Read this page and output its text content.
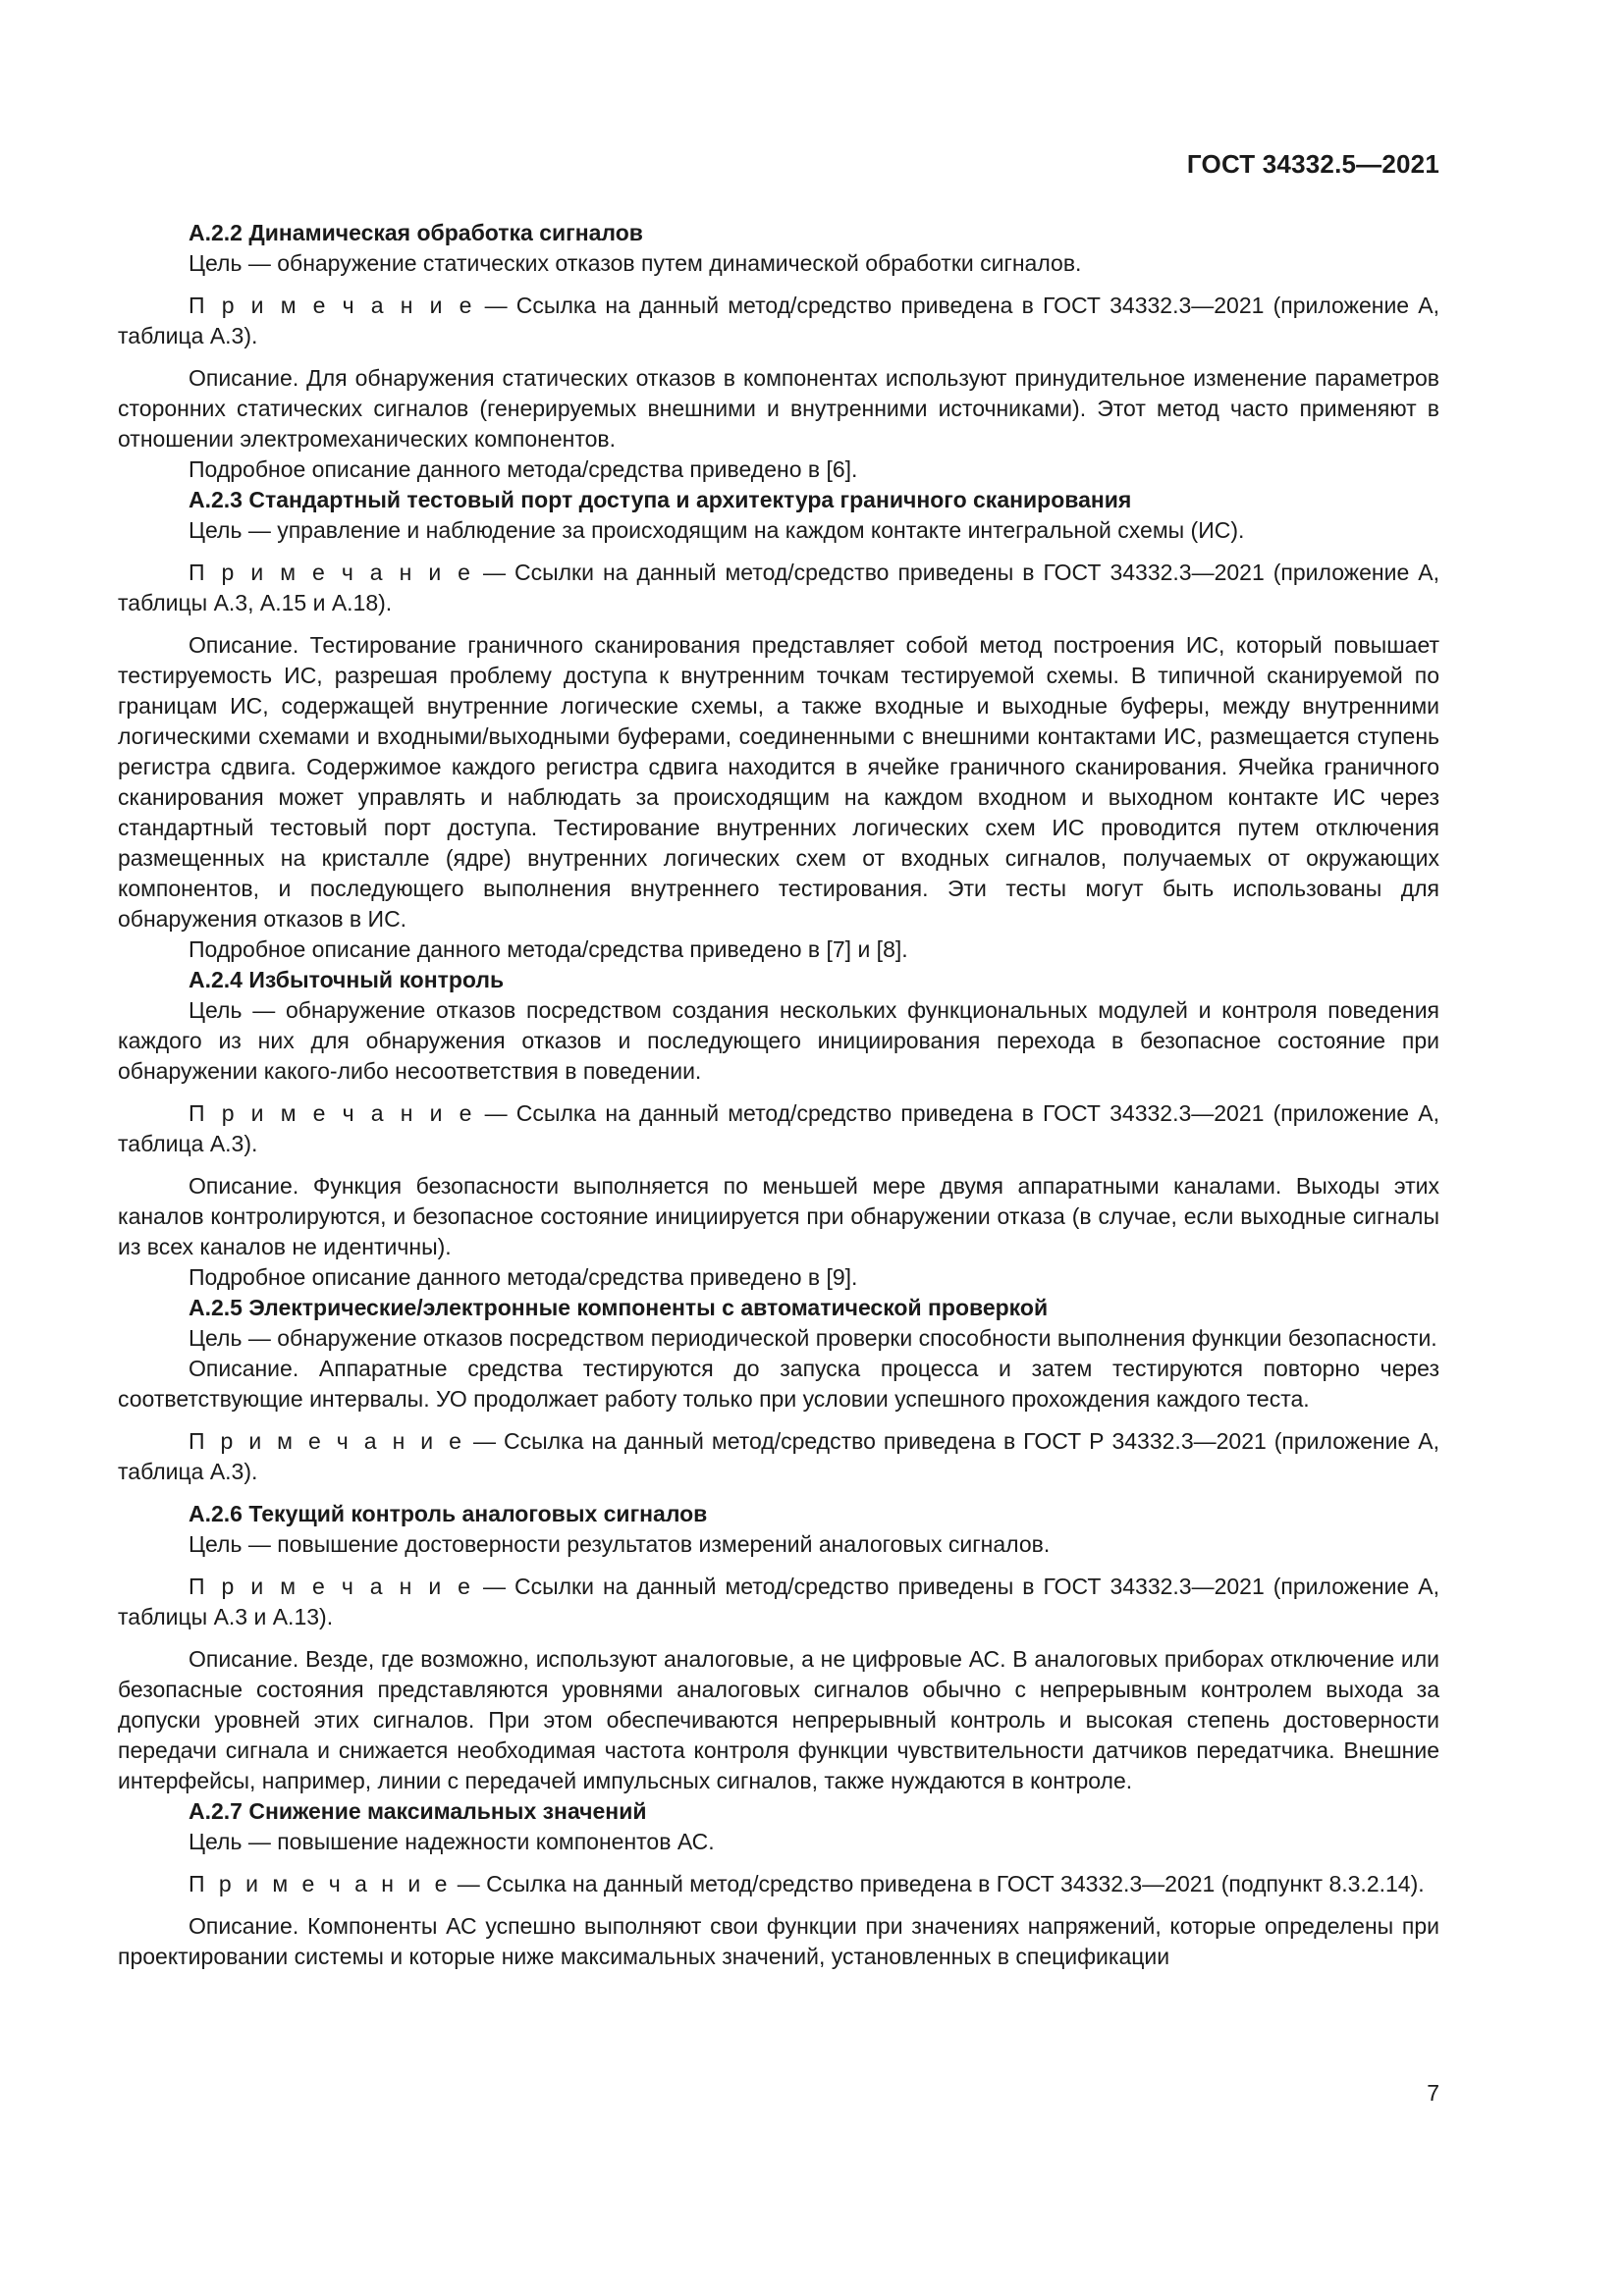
ГОСТ 34332.5—2021

А.2.2 Динамическая обработка сигналов

Цель — обнаружение статических отказов путем динамической обработки сигналов.

П р и м е ч а н и е — Ссылка на данный метод/средство приведена в ГОСТ 34332.3—2021 (приложение А, таблица А.3).

Описание. Для обнаружения статических отказов в компонентах используют принудительное изменение параметров сторонних статических сигналов (генерируемых внешними и внутренними источниками). Этот метод часто применяют в отношении электромеханических компонентов.

Подробное описание данного метода/средства приведено в [6].

А.2.3 Стандартный тестовый порт доступа и архитектура граничного сканирования

Цель — управление и наблюдение за происходящим на каждом контакте интегральной схемы (ИС).

П р и м е ч а н и е — Ссылки на данный метод/средство приведены в ГОСТ 34332.3—2021 (приложение А, таблицы А.3, А.15 и А.18).

Описание. Тестирование граничного сканирования представляет собой метод построения ИС, который повышает тестируемость ИС, разрешая проблему доступа к внутренним точкам тестируемой схемы. В типичной сканируемой по границам ИС, содержащей внутренние логические схемы, а также входные и выходные буферы, между внутренними логическими схемами и входными/выходными буферами, соединенными с внешними контактами ИС, размещается ступень регистра сдвига. Содержимое каждого регистра сдвига находится в ячейке граничного сканирования. Ячейка граничного сканирования может управлять и наблюдать за происходящим на каждом входном и выходном контакте ИС через стандартный тестовый порт доступа. Тестирование внутренних логических схем ИС проводится путем отключения размещенных на кристалле (ядре) внутренних логических схем от входных сигналов, получаемых от окружающих компонентов, и последующего выполнения внутреннего тестирования. Эти тесты могут быть использованы для обнаружения отказов в ИС.

Подробное описание данного метода/средства приведено в [7] и [8].

А.2.4 Избыточный контроль

Цель — обнаружение отказов посредством создания нескольких функциональных модулей и контроля поведения каждого из них для обнаружения отказов и последующего инициирования перехода в безопасное состояние при обнаружении какого-либо несоответствия в поведении.

П р и м е ч а н и е — Ссылка на данный метод/средство приведена в ГОСТ 34332.3—2021 (приложение А, таблица А.3).

Описание. Функция безопасности выполняется по меньшей мере двумя аппаратными каналами. Выходы этих каналов контролируются, и безопасное состояние инициируется при обнаружении отказа (в случае, если выходные сигналы из всех каналов не идентичны).

Подробное описание данного метода/средства приведено в [9].

А.2.5 Электрические/электронные компоненты с автоматической проверкой

Цель — обнаружение отказов посредством периодической проверки способности выполнения функции безопасности.

Описание. Аппаратные средства тестируются до запуска процесса и затем тестируются повторно через соответствующие интервалы. УО продолжает работу только при условии успешного прохождения каждого теста.

П р и м е ч а н и е — Ссылка на данный метод/средство приведена в ГОСТ Р 34332.3—2021 (приложение А, таблица А.3).

А.2.6 Текущий контроль аналоговых сигналов

Цель — повышение достоверности результатов измерений аналоговых сигналов.

П р и м е ч а н и е — Ссылки на данный метод/средство приведены в ГОСТ 34332.3—2021 (приложение А, таблицы А.3 и А.13).

Описание. Везде, где возможно, используют аналоговые, а не цифровые АС. В аналоговых приборах отключение или безопасные состояния представляются уровнями аналоговых сигналов обычно с непрерывным контролем выхода за допуски уровней этих сигналов. При этом обеспечиваются непрерывный контроль и высокая степень достоверности передачи сигнала и снижается необходимая частота контроля функции чувствительности датчиков передатчика. Внешние интерфейсы, например, линии с передачей импульсных сигналов, также нуждаются в контроле.

А.2.7 Снижение максимальных значений

Цель — повышение надежности компонентов АС.

П р и м е ч а н и е — Ссылка на данный метод/средство приведена в ГОСТ 34332.3—2021 (подпункт 8.3.2.14).

Описание. Компоненты АС успешно выполняют свои функции при значениях напряжений, которые определены при проектировании системы и которые ниже максимальных значений, установленных в спецификации

7
